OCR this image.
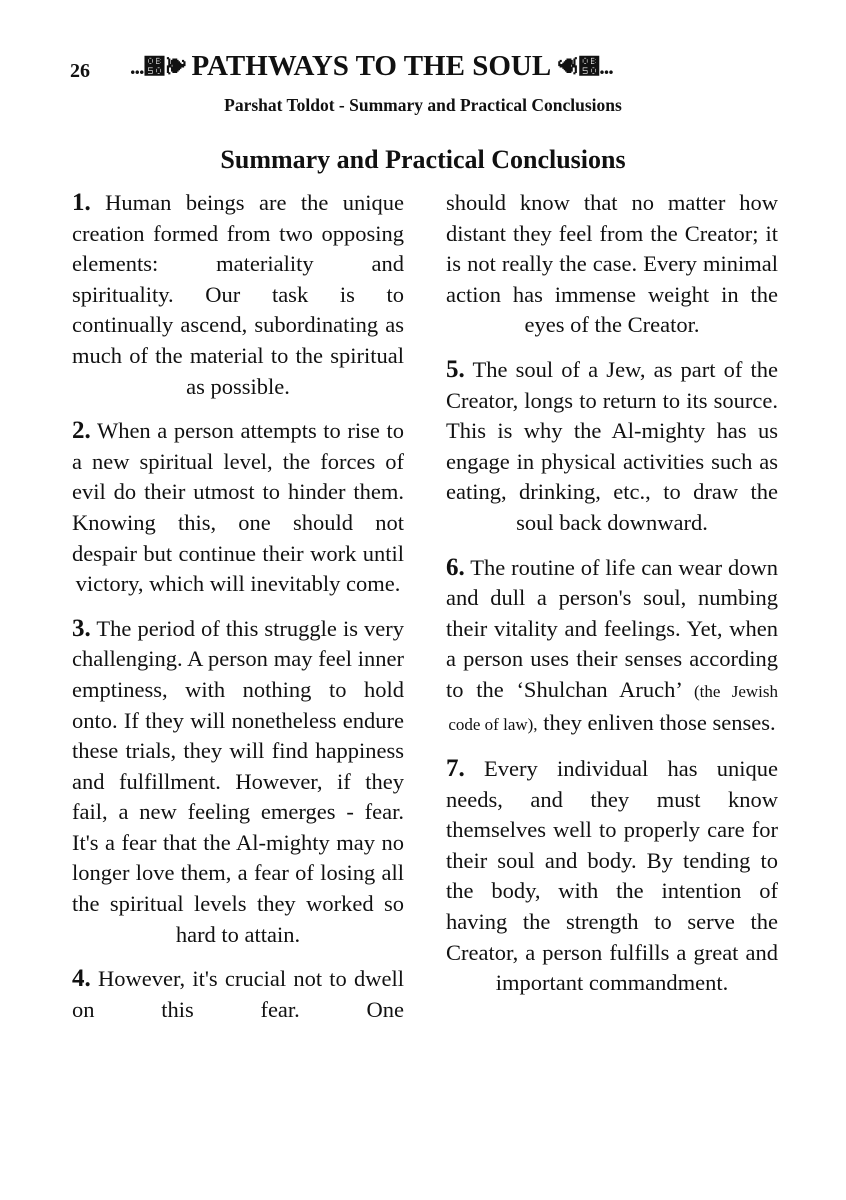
26 ...୐❧ PATHWAYS TO THE SOUL ☙୐...
Parshat Toldot - Summary and Practical Conclusions
Summary and Practical Conclusions

1. Human beings are the unique creation formed from two opposing elements: materiality and spirituality. Our task is to continually ascend, subordinating as much of the material to the spiritual as possible.

2. When a person attempts to rise to a new spiritual level, the forces of evil do their utmost to hinder them. Knowing this, one should not despair but continue their work until victory, which will inevitably come.

3. The period of this struggle is very challenging. A person may feel inner emptiness, with nothing to hold onto. If they will nonetheless endure these trials, they will find happiness and fulfillment. However, if they fail, a new feeling emerges - fear. It's a fear that the Al-mighty may no longer love them, a fear of losing all the spiritual levels they worked so hard to attain.

4. However, it's crucial not to dwell on this fear. One

should know that no matter how distant they feel from the Creator; it is not really the case. Every minimal action has immense weight in the eyes of the Creator.

5. The soul of a Jew, as part of the Creator, longs to return to its source. This is why the Al-mighty has us engage in physical activities such as eating, drinking, etc., to draw the soul back downward.

6. The routine of life can wear down and dull a person's soul, numbing their vitality and feelings. Yet, when a person uses their senses according to the ‘Shulchan Aruch’ (the Jewish code of law), they enliven those senses.

7. Every individual has unique needs, and they must know themselves well to properly care for their soul and body. By tending to the body, with the intention of having the strength to serve the Creator, a person fulfills a great and important commandment.
